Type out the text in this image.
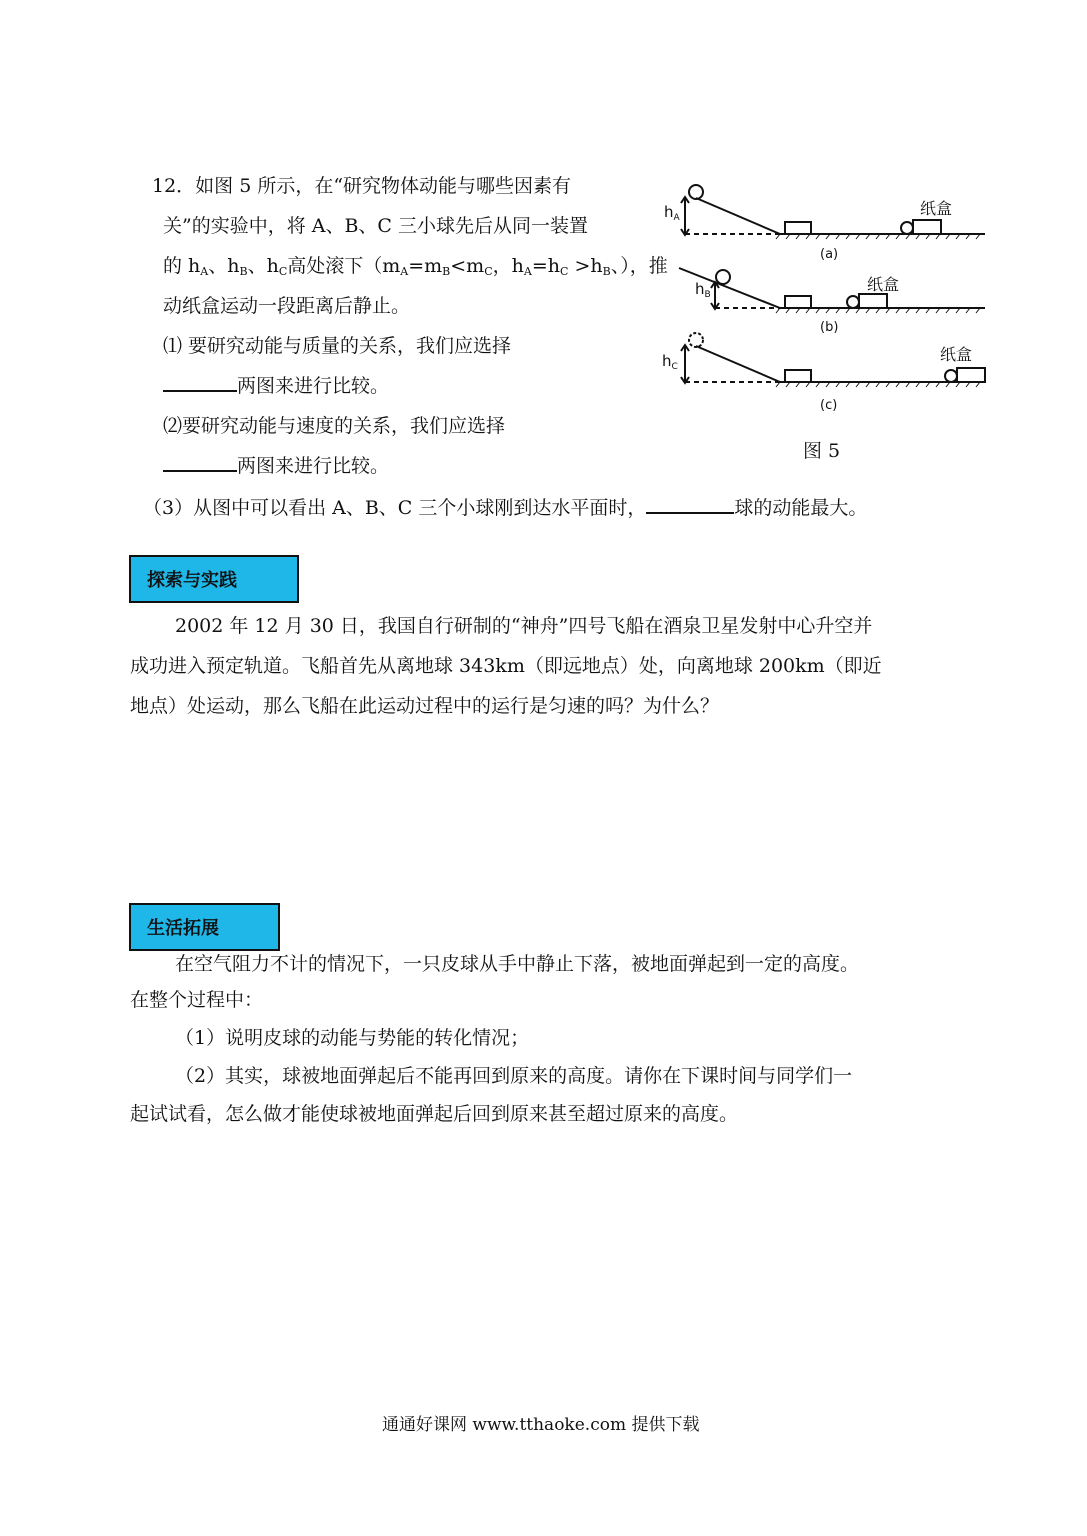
12．如图 5 所示，在“研究物体动能与哪些因素有
关”的实验中，将 A、B、C 三小球先后从同一装置
的 $h_A$、$h_B$、$h_C$高处滚下（$m_A=m_B<m_C$，$h_A=h_C >h_B$、），推
动纸盒运动一段距离后静止。
⑴ 要研究动能与质量的关系，我们应选择
两图来进行比较。
⑵要研究动能与速度的关系，我们应选择
两图来进行比较。
（3）从图中可以看出 A、B、C 三个小球刚到达水平面时，	球的动能最大。
$h_A$
$h_B$
$h_C$
纸盒
纸盒
纸盒
(a)
(b)
(c)
图 5
探索与实践
2002 年 12 月 30 日，我国自行研制的“神舟”四号飞船在酒泉卫星发射中心升空并
成功进入预定轨道。飞船首先从离地球 343km（即远地点）处，向离地球 200km（即近
地点）处运动，那么飞船在此运动过程中的运行是匀速的吗？为什么？
生活拓展
在空气阻力不计的情况下，一只皮球从手中静止下落，被地面弹起到一定的高度。
在整个过程中：
（1）说明皮球的动能与势能的转化情况；
（2）其实，球被地面弹起后不能再回到原来的高度。请你在下课时间与同学们一
起试试看，怎么做才能使球被地面弹起后回到原来甚至超过原来的高度。
通通好课网 www.tthaoke.com 提供下载
